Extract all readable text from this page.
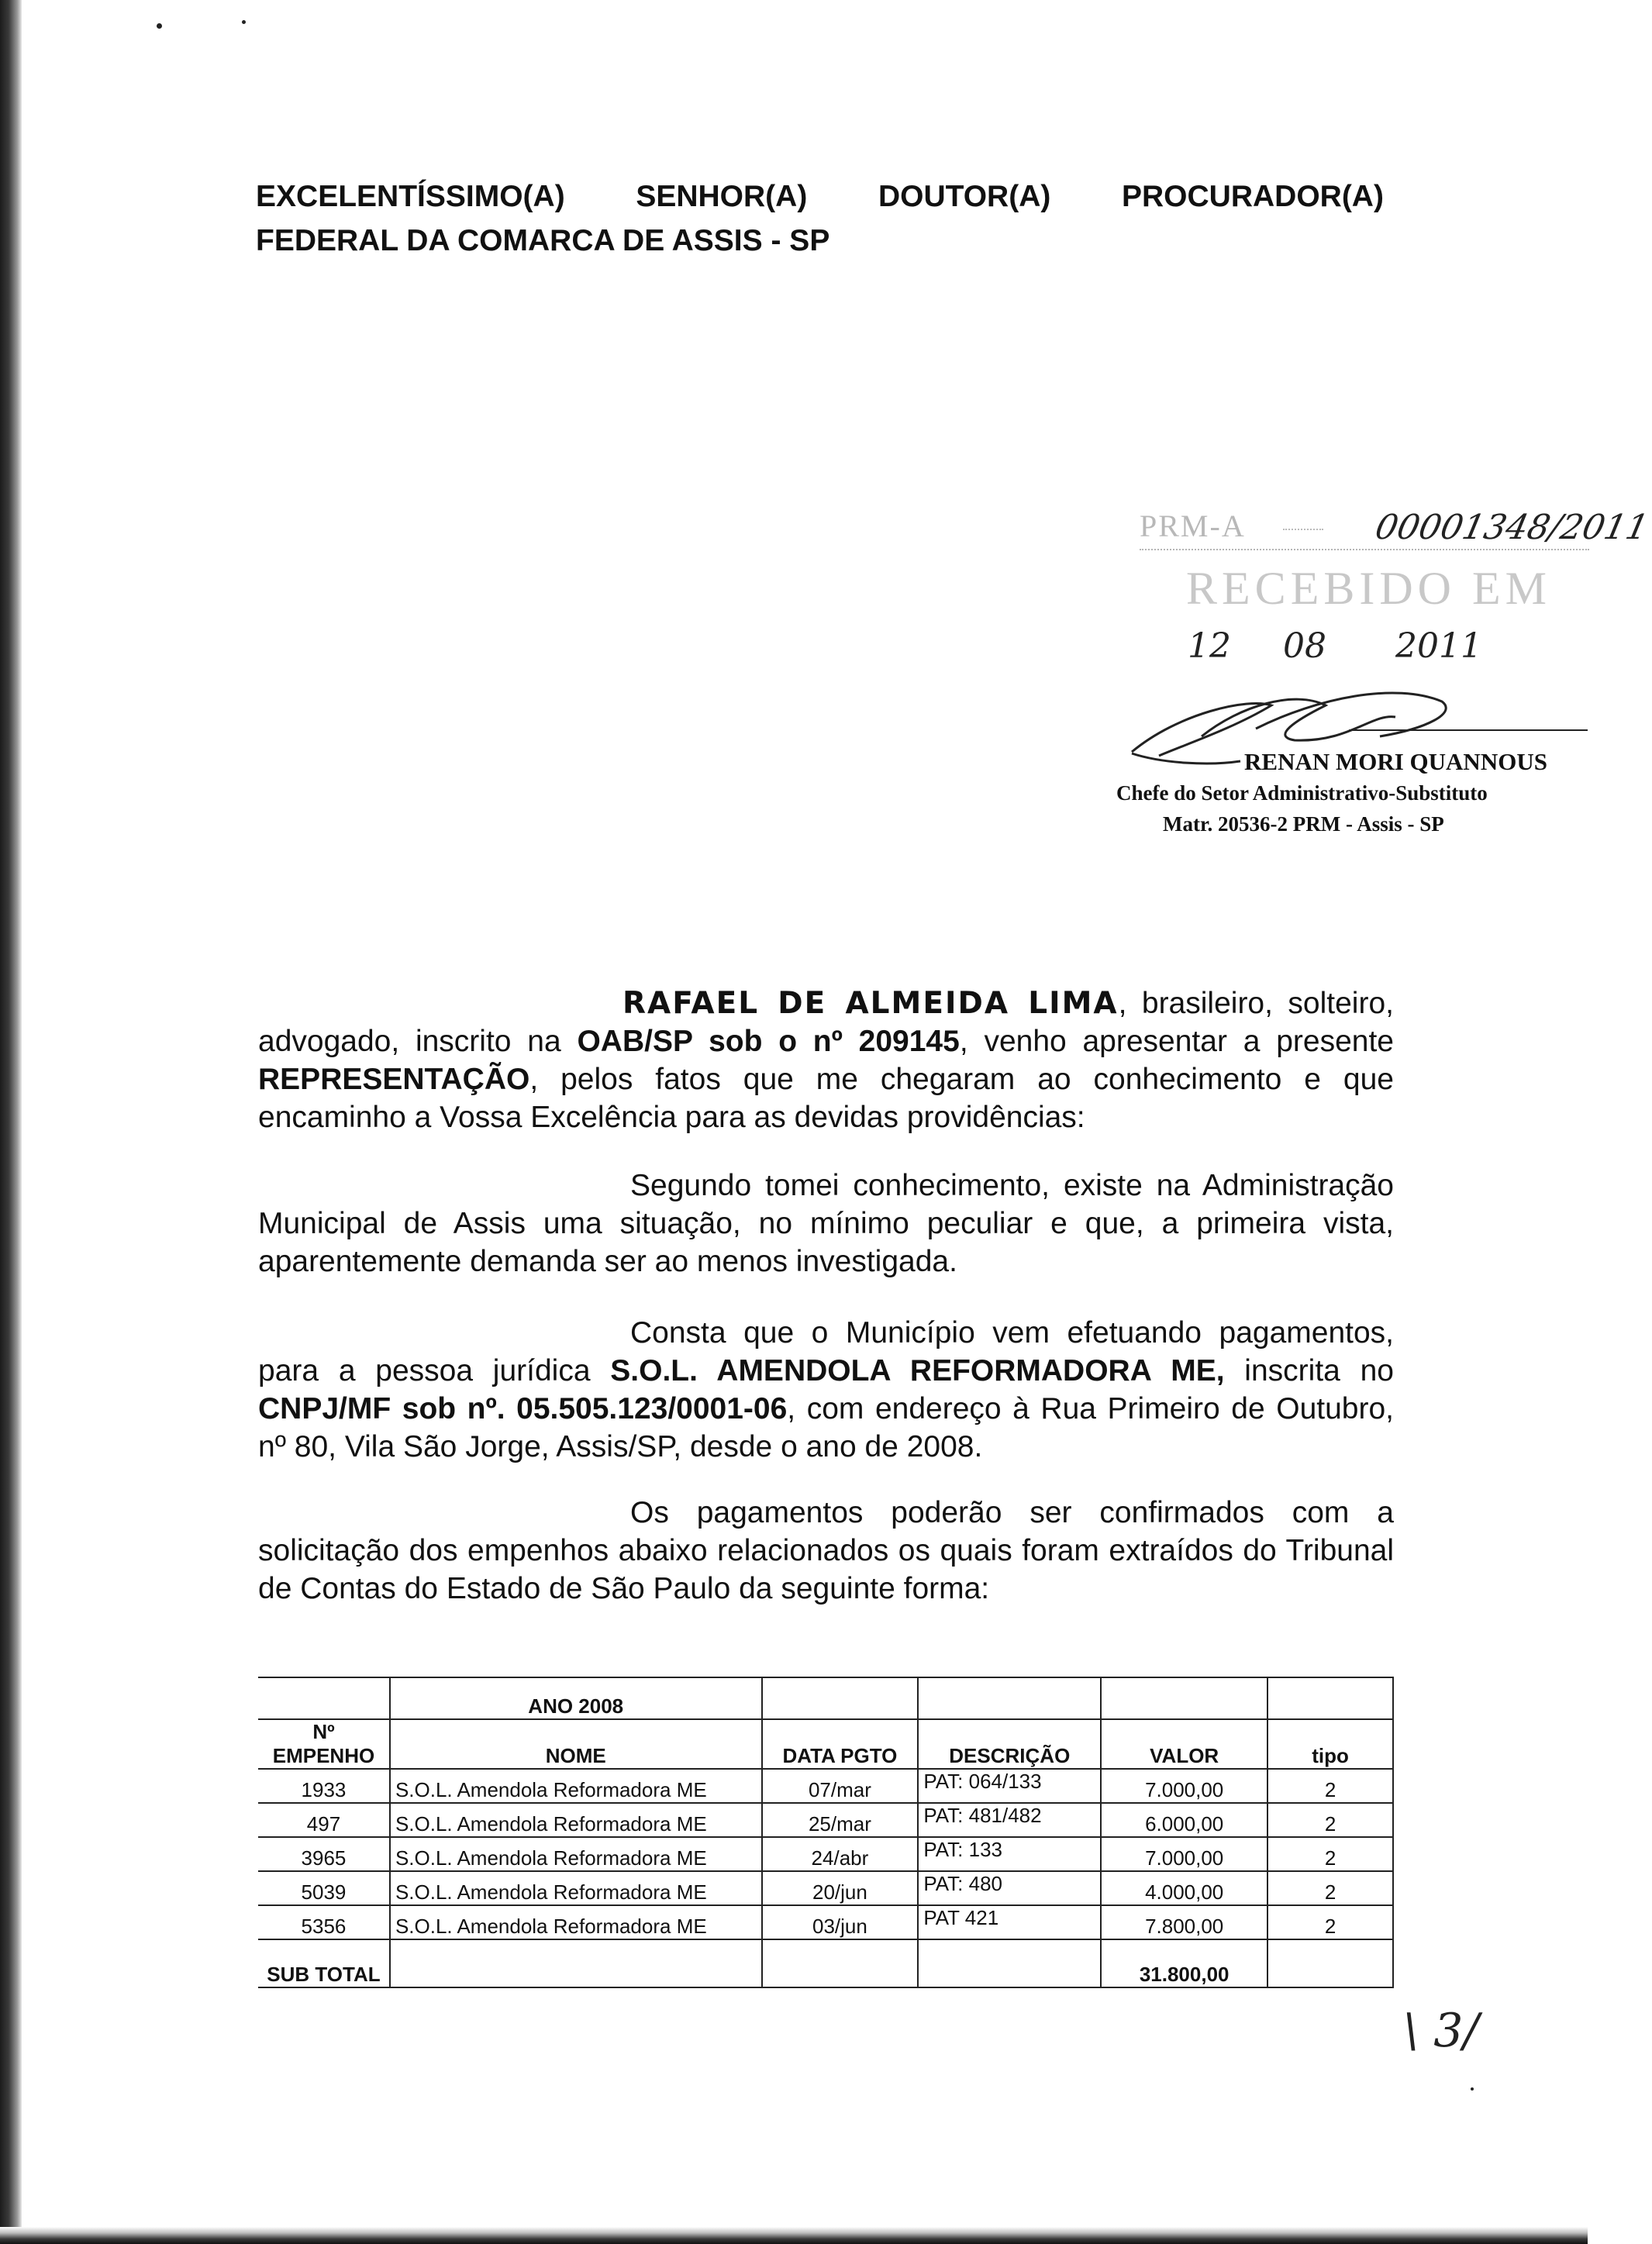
EXCELENTÍSSIMO(A) SENHOR(A) DOUTOR(A) PROCURADOR(A)
FEDERAL DA COMARCA DE ASSIS - SP
PRM-A	00001348/2011
RECEBIDO EM
12 08 2011
RENAN MORI QUANNOUS
Chefe do Setor Administrativo-Substituto
Matr. 20536-2 PRM - Assis - SP

RAFAEL DE ALMEIDA LIMA, brasileiro, solteiro, advogado, inscrito na OAB/SP sob o nº 209145, venho apresentar a presente REPRESENTAÇÃO, pelos fatos que me chegaram ao conhecimento e que encaminho a Vossa Excelência para as devidas providências:

Segundo tomei conhecimento, existe na Administração Municipal de Assis uma situação, no mínimo peculiar e que, a primeira vista, aparentemente demanda ser ao menos investigada.

Consta que o Município vem efetuando pagamentos, para a pessoa jurídica S.O.L. AMENDOLA REFORMADORA ME, inscrita no CNPJ/MF sob nº. 05.505.123/0001-06, com endereço à Rua Primeiro de Outubro, nº 80, Vila São Jorge, Assis/SP, desde o ano de 2008.

Os pagamentos poderão ser confirmados com a solicitação dos empenhos abaixo relacionados os quais foram extraídos do Tribunal de Contas do Estado de São Paulo da seguinte forma:

	ANO 2008				
Nº EMPENHO	NOME	DATA PGTO	DESCRIÇÃO	VALOR	tipo
1933	S.O.L. Amendola Reformadora ME	07/mar	PAT: 064/133	7.000,00	2
497	S.O.L. Amendola Reformadora ME	25/mar	PAT: 481/482	6.000,00	2
3965	S.O.L. Amendola Reformadora ME	24/abr	PAT: 133	7.000,00	2
5039	S.O.L. Amendola Reformadora ME	20/jun	PAT: 480	4.000,00	2
5356	S.O.L. Amendola Reformadora ME	03/jun	PAT 421	7.800,00	2
SUB TOTAL				31.800,00	
\ 3/
